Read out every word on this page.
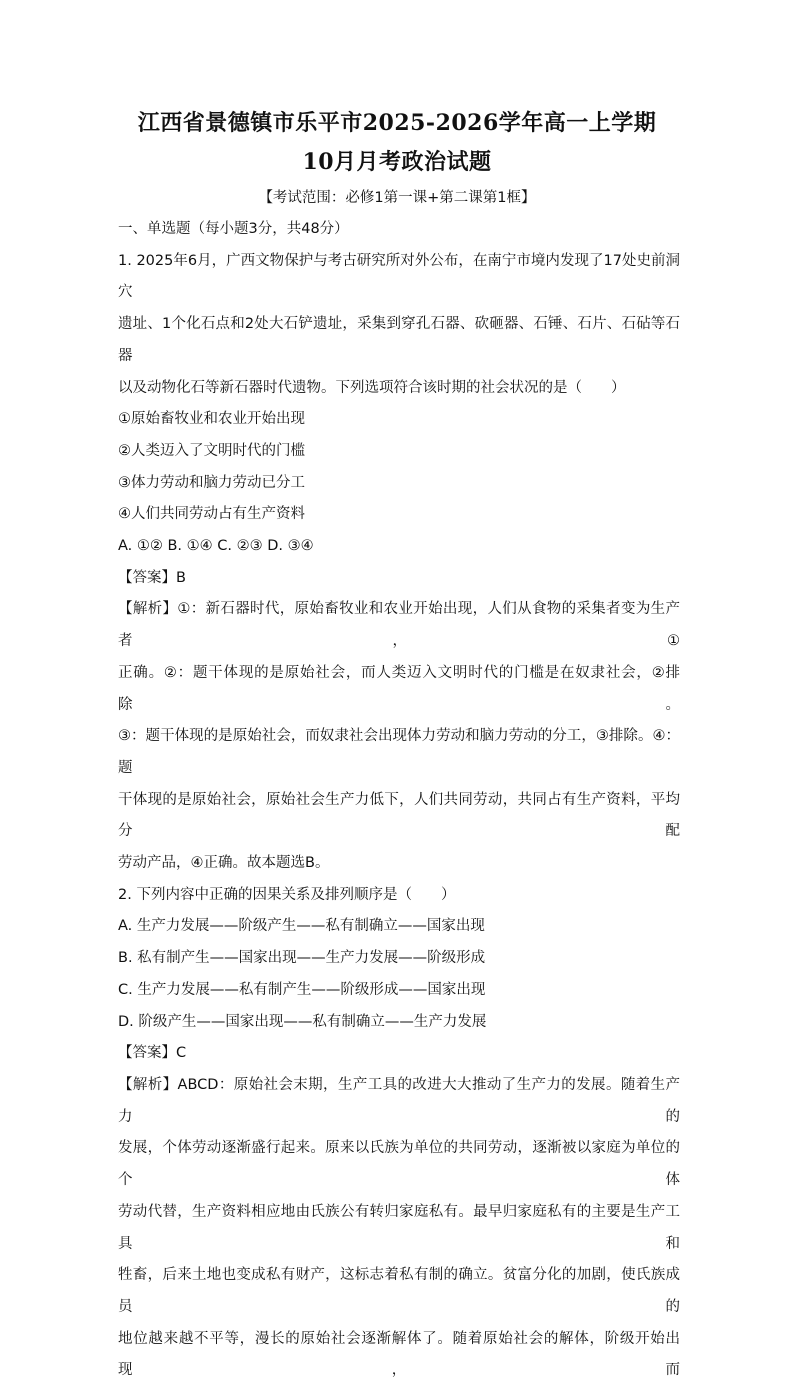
江西省景德镇市乐平市2025-2026学年高一上学期
10月月考政治试题
【考试范围：必修1第一课+第二课第1框】
一、单选题（每小题3分，共48分）
1. 2025年6月，广西文物保护与考古研究所对外公布，在南宁市境内发现了17处史前洞穴
遗址、1个化石点和2处大石铲遗址，采集到穿孔石器、砍砸器、石锤、石片、石砧等石器
以及动物化石等新石器时代遗物。下列选项符合该时期的社会状况的是（　　）
①原始畜牧业和农业开始出现
②人类迈入了文明时代的门槛
③体力劳动和脑力劳动已分工
④人们共同劳动占有生产资料
A. ①② B. ①④ C. ②③ D. ③④
【答案】B
【解析】①：新石器时代，原始畜牧业和农业开始出现，人们从食物的采集者变为生产者，①
正确。②：题干体现的是原始社会，而人类迈入文明时代的门槛是在奴隶社会，②排除。
③：题干体现的是原始社会，而奴隶社会出现体力劳动和脑力劳动的分工，③排除。④：题
干体现的是原始社会，原始社会生产力低下，人们共同劳动，共同占有生产资料，平均分配
劳动产品，④正确。故本题选B。
2. 下列内容中正确的因果关系及排列顺序是（　　）
A. 生产力发展——阶级产生——私有制确立——国家出现
B. 私有制产生——国家出现——生产力发展——阶级形成
C. 生产力发展——私有制产生——阶级形成——国家出现
D. 阶级产生——国家出现——私有制确立——生产力发展
【答案】C
【解析】ABCD：原始社会末期，生产工具的改进大大推动了生产力的发展。随着生产力的
发展，个体劳动逐渐盛行起来。原来以氏族为单位的共同劳动，逐渐被以家庭为单位的个体
劳动代替，生产资料相应地由氏族公有转归家庭私有。最早归家庭私有的主要是生产工具和
牲畜，后来土地也变成私有财产，这标志着私有制的确立。贫富分化的加剧，使氏族成员的
地位越来越不平等，漫长的原始社会逐渐解体了。随着原始社会的解体，阶级开始出现，而
